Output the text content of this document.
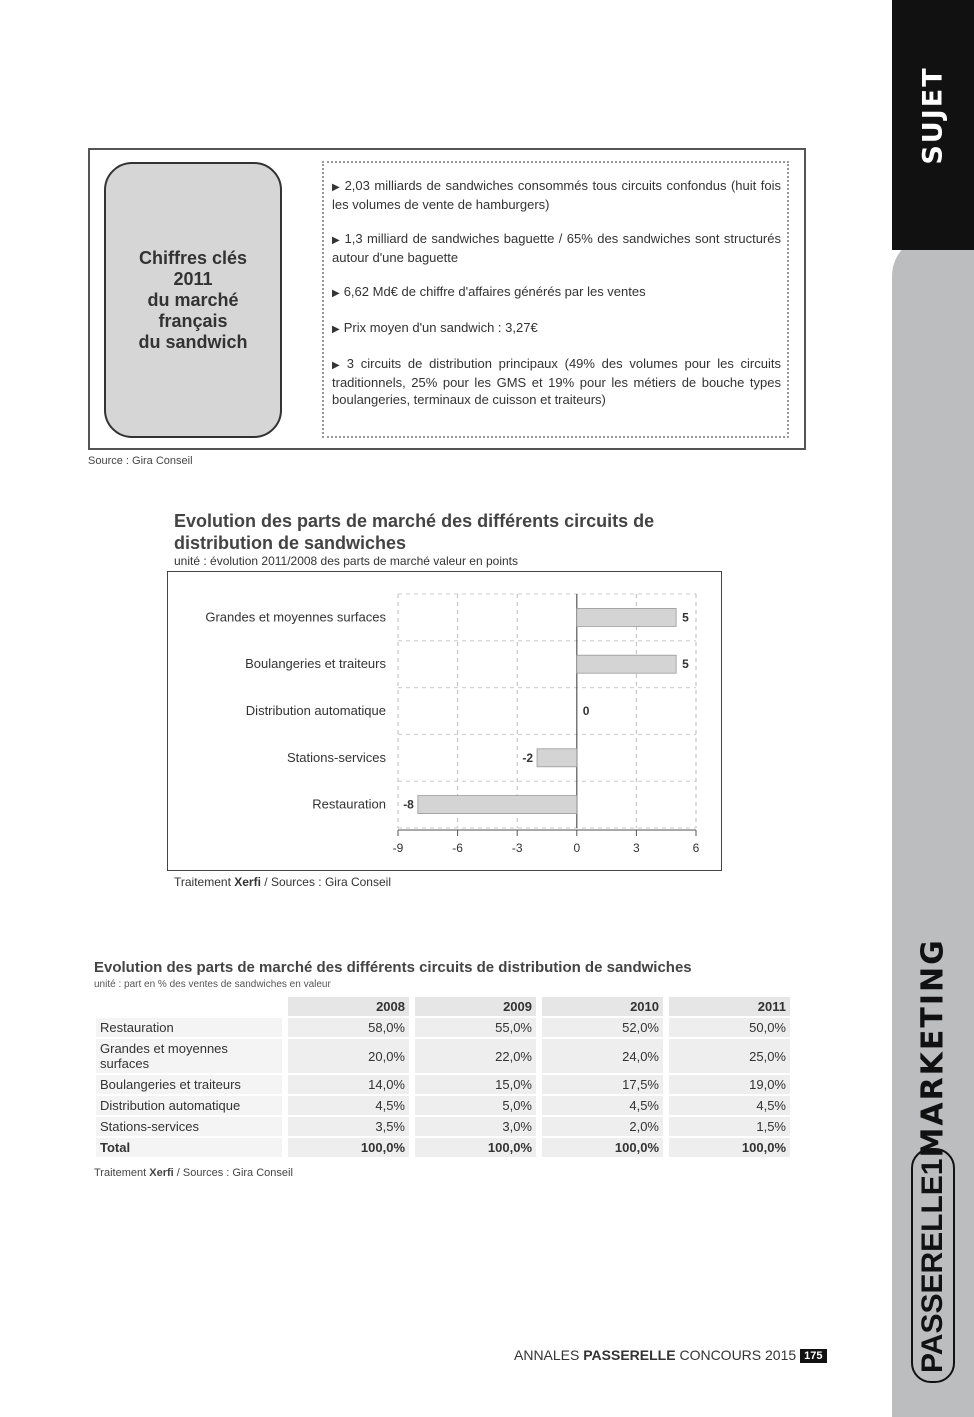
SUJET
MARKETING
PASSERELLE1
Chiffres clés
2011
du marché
français
du sandwich

▶ 2,03 milliards de sandwiches consommés tous circuits confondus (huit fois les volumes de vente de hamburgers)

▶ 1,3 milliard de sandwiches baguette / 65% des sandwiches sont structurés autour d'une baguette

▶ 6,62 Md€ de chiffre d'affaires générés par les ventes

▶ Prix moyen d'un sandwich : 3,27€

▶ 3 circuits de distribution principaux (49% des volumes pour les circuits traditionnels, 25% pour les GMS et 19% pour les métiers de bouche types boulangeries, terminaux de cuisson et traiteurs)

Source : Gira Conseil
Evolution des parts de marché des différents circuits de distribution de sandwiches
unité : évolution 2011/2008 des parts de marché valeur en points
Grandes et moyennes surfaces	5
Boulangeries et traiteurs	5
Distribution automatique	0
Stations-services	-2
Restauration -8
-9	-6	-3	0	3	6
Traitement Xerfi / Sources : Gira Conseil
Evolution des parts de marché des différents circuits de distribution de sandwiches
unité : part en % des ventes de sandwiches en valeur
	2008	2009	2010	2011
Restauration	58,0%	55,0%	52,0%	50,0%
Grandes et moyennes surfaces	20,0%	22,0%	24,0%	25,0%
Boulangeries et traiteurs	14,0%	15,0%	17,5%	19,0%
Distribution automatique	4,5%	5,0%	4,5%	4,5%
Stations-services	3,5%	3,0%	2,0%	1,5%
Total	100,0%	100,0%	100,0%	100,0%
Traitement Xerfi / Sources : Gira Conseil
ANNALES PASSERELLE CONCOURS 2015 175
